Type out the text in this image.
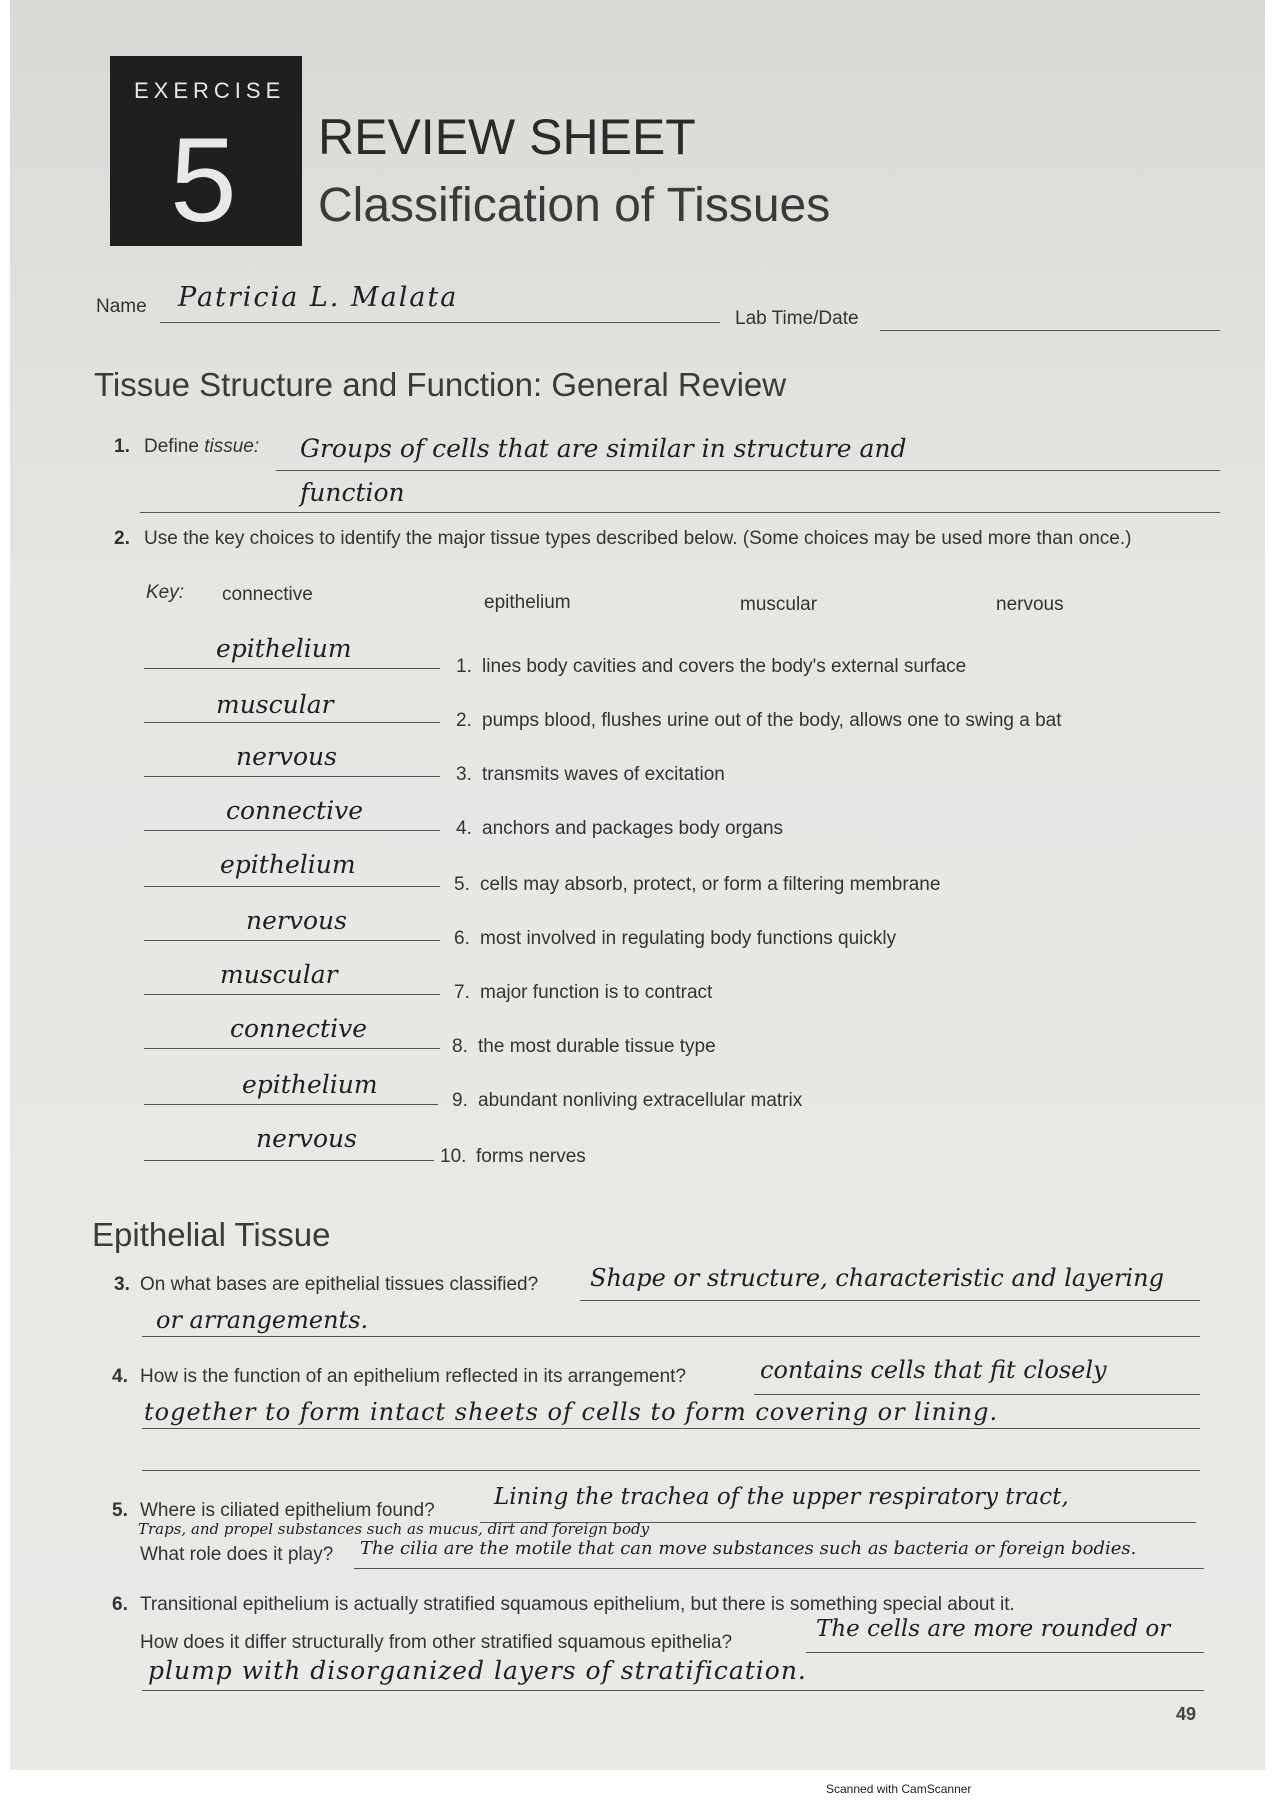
EXERCISE
5 REVIEW SHEET
Classification of Tissues
Name Patricia L. Malata
Lab Time/Date
Tissue Structure and Function: General Review
1. Define tissue: Groups of cells that are similar in structure and
function
2. Use the key choices to identify the major tissue types described below. (Some choices may be used more than once.)
Key: connective	epithelium	muscular	nervous
epithelium
1. lines body cavities and covers the body's external surface
muscular
2. pumps blood, flushes urine out of the body, allows one to swing a bat
nervous
3. transmits waves of excitation
connective
4. anchors and packages body organs
epithelium
5. cells may absorb, protect, or form a filtering membrane
nervous
6. most involved in regulating body functions quickly
muscular
7. major function is to contract
connective
8. the most durable tissue type
epithelium
9. abundant nonliving extracellular matrix
nervous
10. forms nerves
Epithelial Tissue
3. On what bases are epithelial tissues classified? Shape or structure, characteristic and layering
or arrangements.
4. How is the function of an epithelium reflected in its arrangement?	contains cells that fit closely
together to form intact sheets of cells to form covering or lining.
5. Where is ciliated epithelium found?
Lining the trachea of the upper respiratory tract,
Traps, and propel substances such as mucus, dirt and foreign body
What role does it play? The cilia are the motile that can move substances such as bacteria or foreign bodies.
6. Transitional epithelium is actually stratified squamous epithelium, but there is something special about it.
How does it differ structurally from other stratified squamous epithelia?
The cells are more rounded or
plump with disorganized layers of stratification.
49
Scanned with CamScanner
